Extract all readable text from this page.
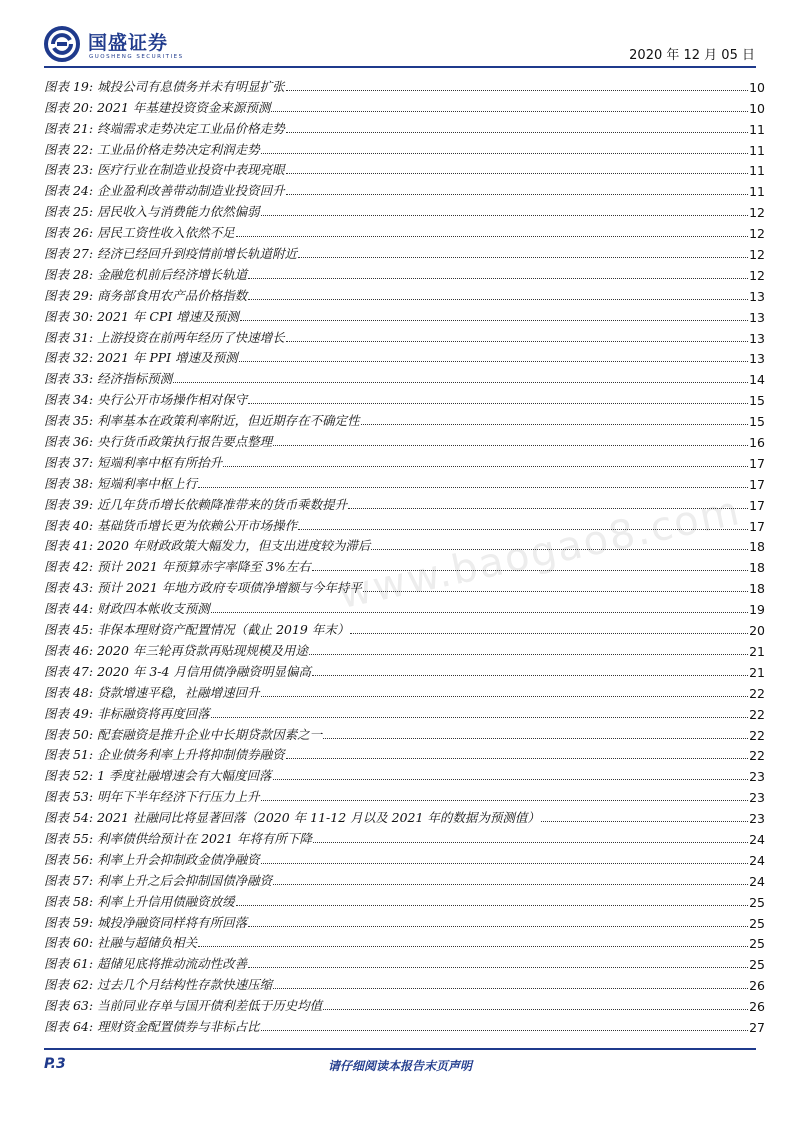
国盛证券
GUOSHENG SECURITIES	2020 年 12 月 05 日
www.baogao8.com
图表 19: 城投公司有息债务并未有明显扩张	10
图表 20: 2021 年基建投资资金来源预测	10
图表 21: 终端需求走势决定工业品价格走势	11
图表 22: 工业品价格走势决定利润走势	11
图表 23: 医疗行业在制造业投资中表现亮眼	11
图表 24: 企业盈利改善带动制造业投资回升	11
图表 25: 居民收入与消费能力依然偏弱	12
图表 26: 居民工资性收入依然不足	12
图表 27: 经济已经回升到疫情前增长轨道附近	12
图表 28: 金融危机前后经济增长轨道	12
图表 29: 商务部食用农产品价格指数	13
图表 30: 2021 年 CPI 增速及预测	13
图表 31: 上游投资在前两年经历了快速增长	13
图表 32: 2021 年 PPI 增速及预测	13
图表 33: 经济指标预测	14
图表 34: 央行公开市场操作相对保守	15
图表 35: 利率基本在政策利率附近，但近期存在不确定性	15
图表 36: 央行货币政策执行报告要点整理	16
图表 37: 短端利率中枢有所抬升	17
图表 38: 短端利率中枢上行	17
图表 39: 近几年货币增长依赖降准带来的货币乘数提升	17
图表 40: 基础货币增长更为依赖公开市场操作	17
图表 41: 2020 年财政政策大幅发力，但支出进度较为滞后	18
图表 42: 预计 2021 年预算赤字率降至 3%左右	18
图表 43: 预计 2021 年地方政府专项债净增额与今年持平	18
图表 44: 财政四本帐收支预测	19
图表 45: 非保本理财资产配置情况（截止 2019 年末）	20
图表 46: 2020 年三轮再贷款再贴现规模及用途	21
图表 47: 2020 年 3-4 月信用债净融资明显偏高	21
图表 48: 贷款增速平稳，社融增速回升	22
图表 49: 非标融资将再度回落	22
图表 50: 配套融资是推升企业中长期贷款因素之一	22
图表 51: 企业债务利率上升将抑制债券融资	22
图表 52: 1 季度社融增速会有大幅度回落	23
图表 53: 明年下半年经济下行压力上升	23
图表 54: 2021 社融同比将显著回落（2020 年 11-12 月以及 2021 年的数据为预测值）	23
图表 55: 利率债供给预计在 2021 年将有所下降	24
图表 56: 利率上升会抑制政金债净融资	24
图表 57: 利率上升之后会抑制国债净融资	24
图表 58: 利率上升信用债融资放缓	25
图表 59: 城投净融资同样将有所回落	25
图表 60: 社融与超储负相关	25
图表 61: 超储见底将推动流动性改善	25
图表 62: 过去几个月结构性存款快速压缩	26
图表 63: 当前同业存单与国开债利差低于历史均值	26
图表 64: 理财资金配置债券与非标占比	27
P.3	请仔细阅读本报告末页声明
